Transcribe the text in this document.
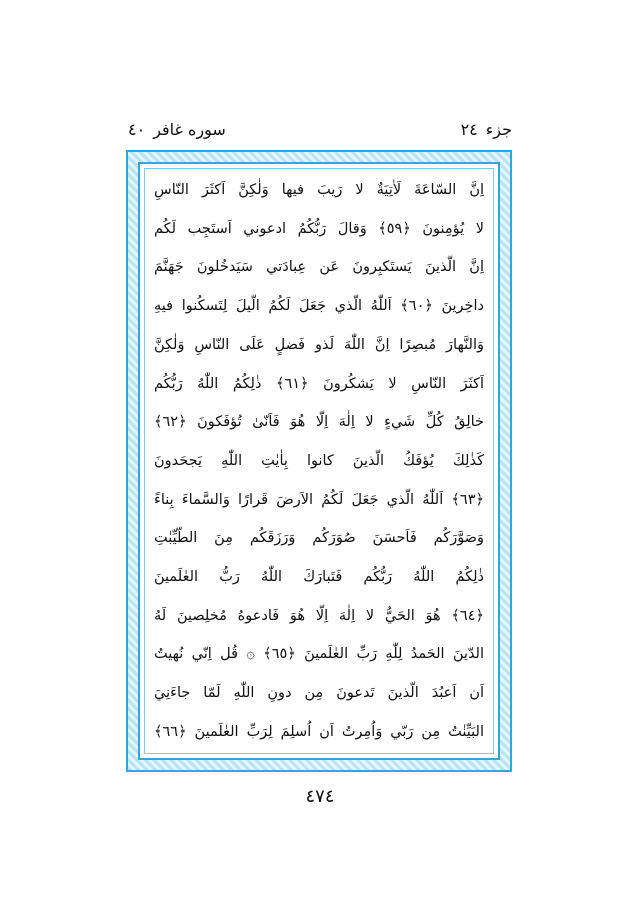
جزء
٢٤
سوره غافر
٤٠
اِنَّ السّاعَةَ لَاٰتِيَةٌ لا رَيبَ فيها وَلٰكِنَّ اَكثَرَ النّاسِ
لا يُؤمِنونَ ﴿٥٩﴾ وَقالَ رَبُّكُمُ ادعوني اَستَجِب لَكُم
اِنَّ الَّذينَ يَستَكبِرونَ عَن عِبادَتي سَيَدخُلونَ جَهَنَّمَ
داخِرينَ ﴿٦٠﴾ اَللّٰهُ الَّذي جَعَلَ لَكُمُ الَّيلَ لِتَسكُنوا فيهِ
وَالنَّهارَ مُبصِرًا اِنَّ اللّٰهَ لَذو فَضلٍ عَلَى النّاسِ وَلٰكِنَّ
اَكثَرَ النّاسِ لا يَشكُرونَ ﴿٦١﴾ ذٰلِكُمُ اللّٰهُ رَبُّكُم
خالِقُ كُلِّ شَيءٍ لا اِلٰهَ اِلّا هُوَ فَاَنّىٰ تُؤفَكونَ ﴿٦٢﴾
كَذٰلِكَ يُؤفَكُ الَّذينَ كانوا بِاٰيٰتِ اللّٰهِ يَجحَدونَ
﴿٦٣﴾ اَللّٰهُ الَّذي جَعَلَ لَكُمُ الاَرضَ قَرارًا وَالسَّماءَ بِناءً
وَصَوَّرَكُم فَاَحسَنَ صُوَرَكُم وَرَزَقَكُم مِنَ الطَّيِّبٰتِ
ذٰلِكُمُ اللّٰهُ رَبُّكُم فَتَبارَكَ اللّٰهُ رَبُّ العٰلَمينَ
﴿٦٤﴾ هُوَ الحَيُّ لا اِلٰهَ اِلّا هُوَ فَادعوهُ مُخلِصينَ لَهُ
الدّينَ الحَمدُ لِلّٰهِ رَبِّ العٰلَمينَ ﴿٦٥﴾ ۞ قُل اِنّي نُهيتُ
اَن اَعبُدَ الَّذينَ تَدعونَ مِن دونِ اللّٰهِ لَمّا جاءَنِيَ
البَيِّنٰتُ مِن رَبّي وَاُمِرتُ اَن اُسلِمَ لِرَبِّ العٰلَمينَ ﴿٦٦﴾
٤٧٤
